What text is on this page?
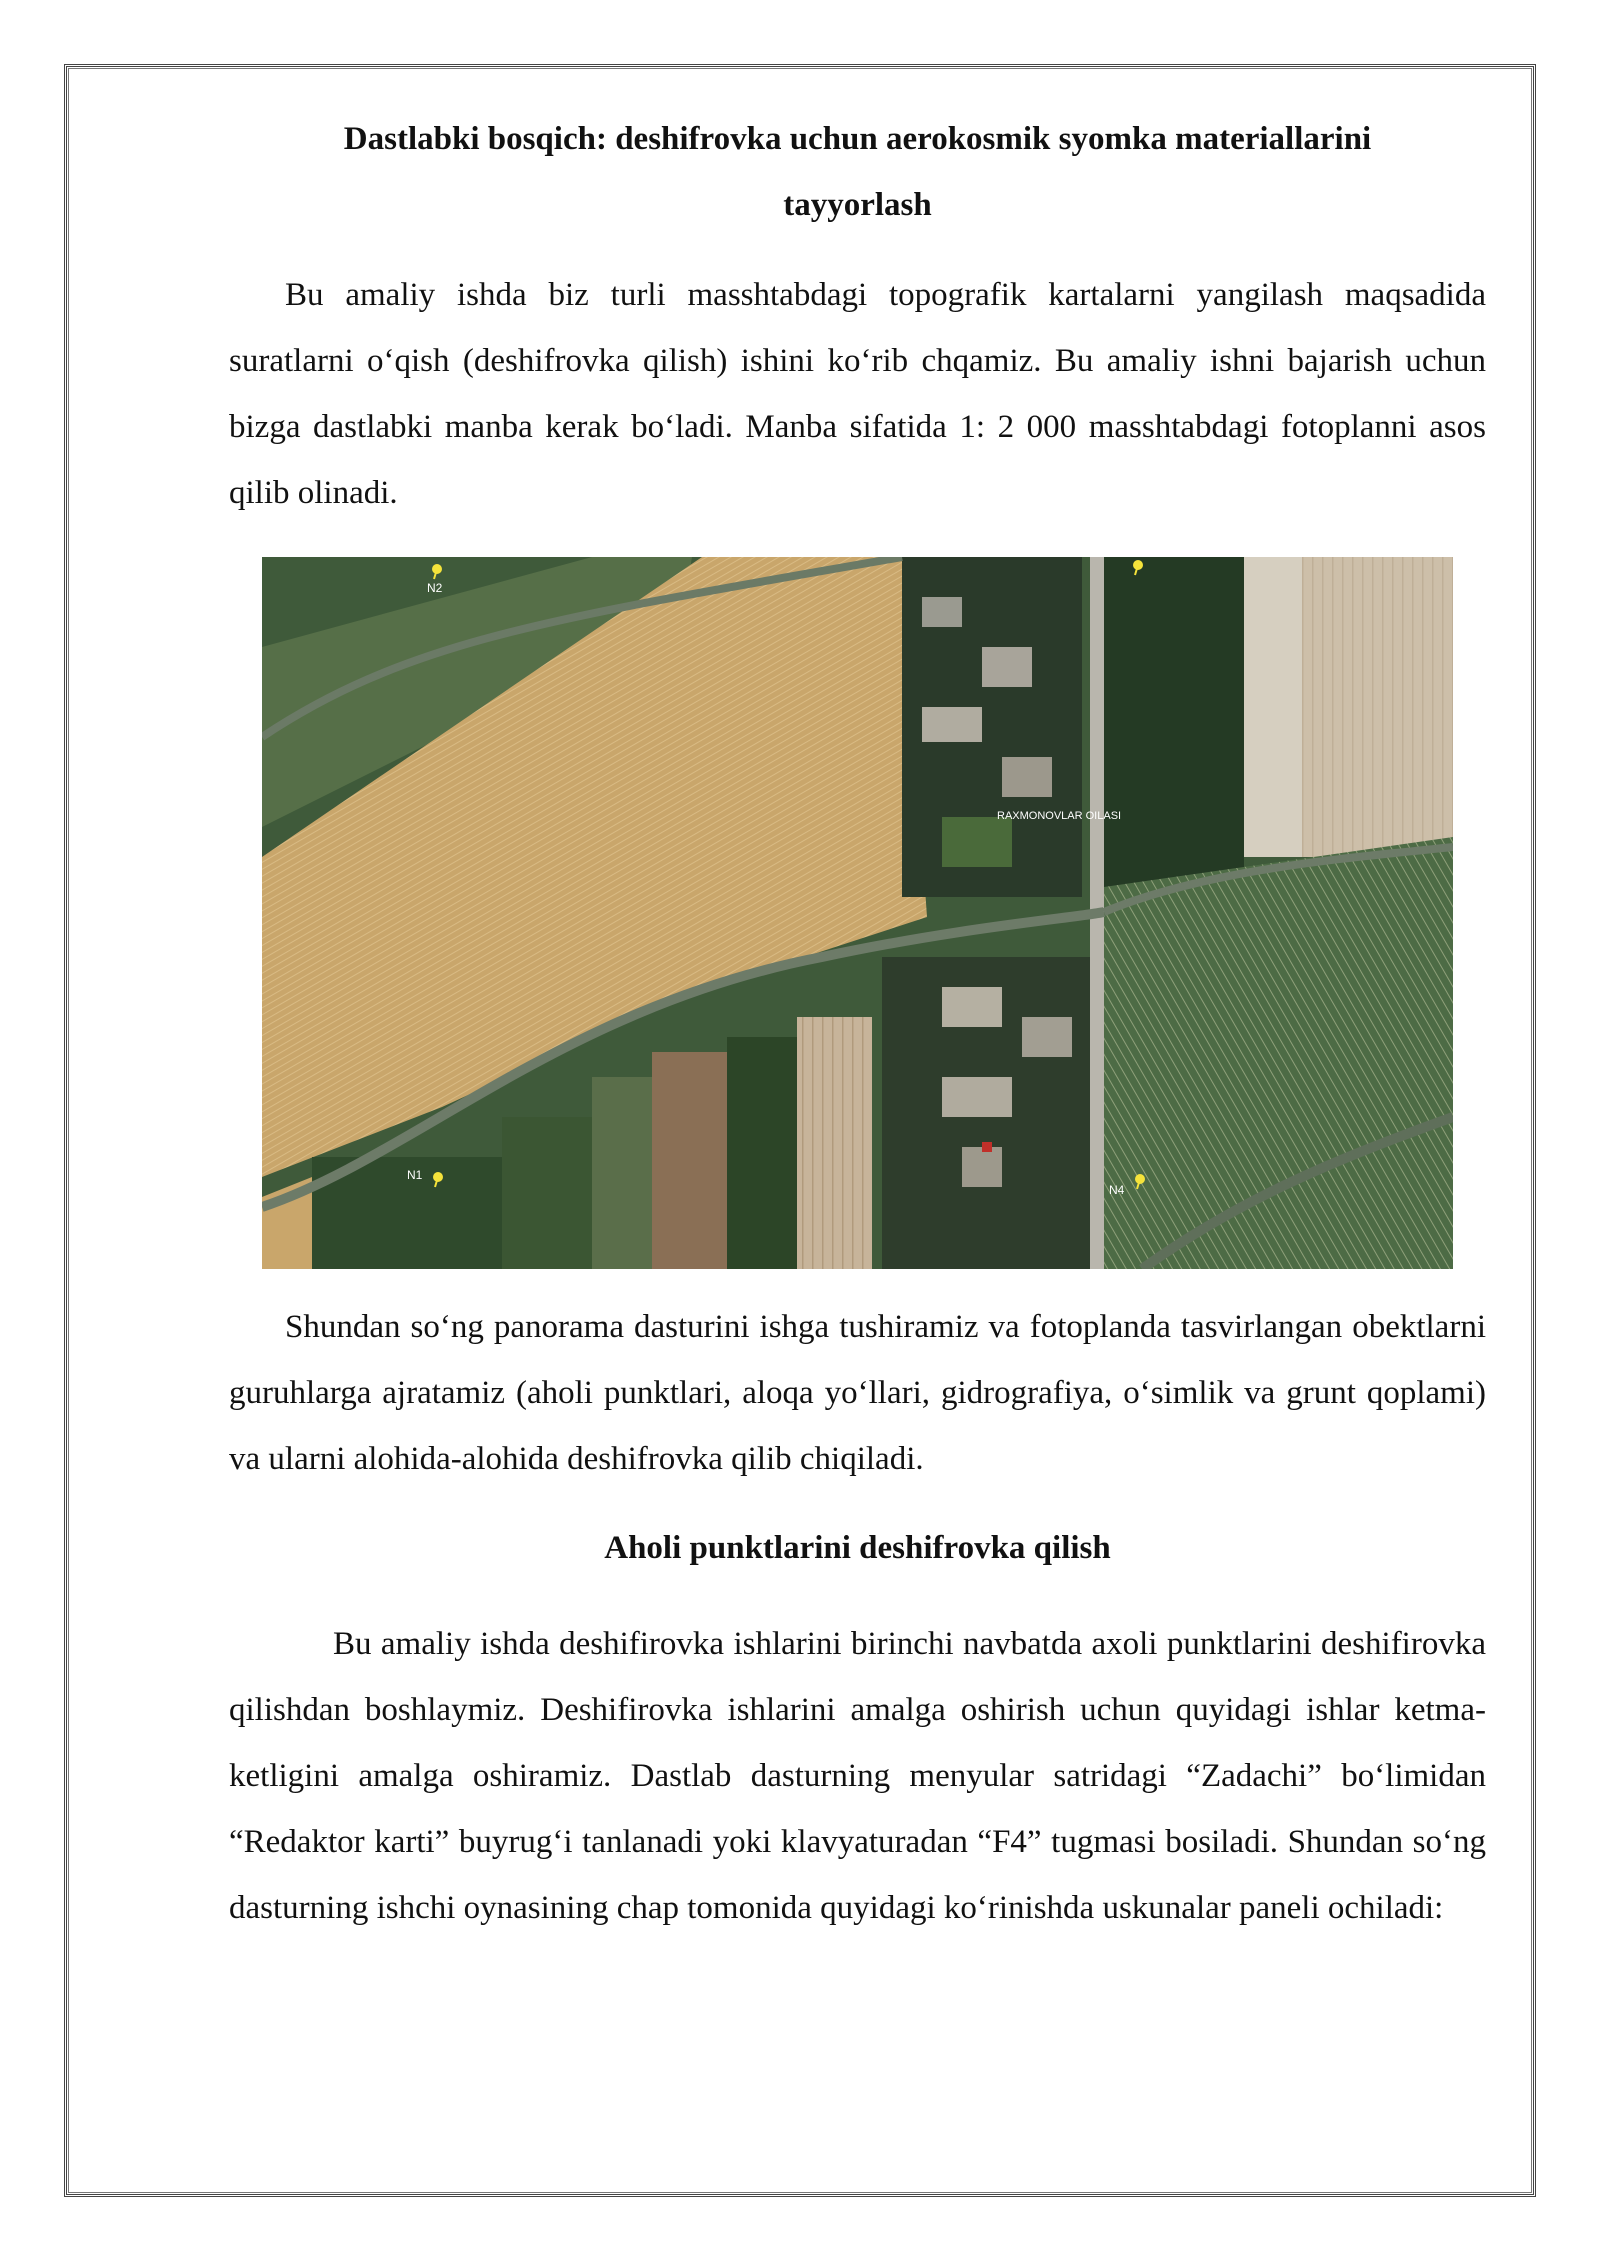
Dastlabki bosqich: deshifrovka uchun aerokosmik syomka materiallarini
tayyorlash
Bu amaliy ishda biz turli masshtabdagi topografik kartalarni yangilash maqsadida suratlarni o‘qish (deshifrovka qilish) ishini ko‘rib chqamiz. Bu amaliy ishni bajarish uchun bizga dastlabki manba kerak bo‘ladi. Manba sifatida 1: 2 000 masshtabdagi fotoplanni asos qilib olinadi.
RAXMONOVLAR OILASI
N2
N1
N4
Shundan so‘ng panorama dasturini ishga tushiramiz va fotoplanda tasvirlangan obektlarni guruhlarga ajratamiz (aholi punktlari, aloqa yo‘llari, gidrografiya, o‘simlik va grunt qoplami) va ularni alohida-alohida deshifrovka qilib chiqiladi.
Aholi punktlarini deshifrovka qilish
Bu amaliy ishda deshifirovka ishlarini birinchi navbatda axoli punktlarini deshifirovka qilishdan boshlaymiz. Deshifirovka ishlarini amalga oshirish uchun quyidagi ishlar ketma-ketligini amalga oshiramiz. Dastlab dasturning menyular satridagi “Zadachi” bo‘limidan “Redaktor karti” buyrug‘i tanlanadi yoki klavyaturadan “F4” tugmasi bosiladi. Shundan so‘ng dasturning ishchi oynasining chap tomonida quyidagi ko‘rinishda uskunalar paneli ochiladi:
